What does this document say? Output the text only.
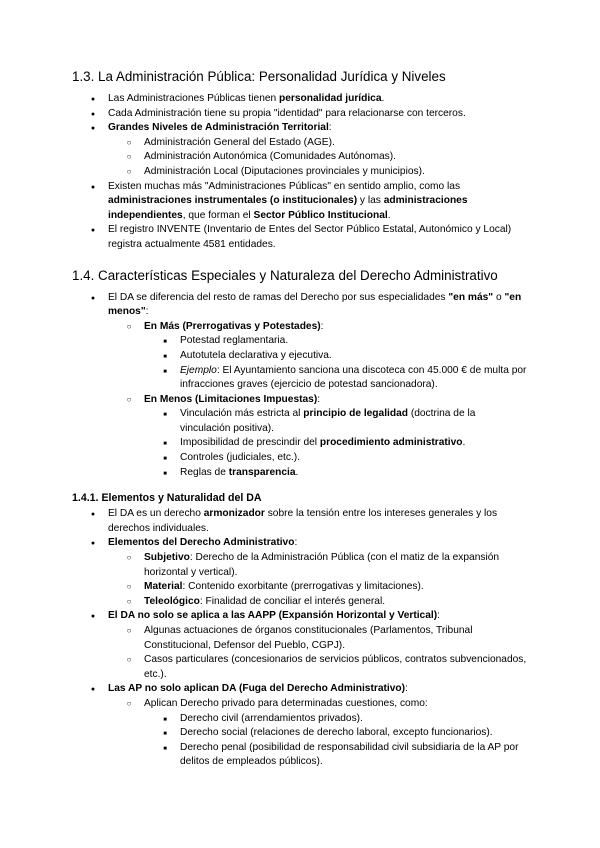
1.3. La Administración Pública: Personalidad Jurídica y Niveles
●
Las Administraciones Públicas tienen personalidad jurídica.
●
Cada Administración tiene su propia "identidad" para relacionarse con terceros.
●
Grandes Niveles de Administración Territorial:
○
Administración General del Estado (AGE).
○
Administración Autonómica (Comunidades Autónomas).
○
Administración Local (Diputaciones provinciales y municipios).
●
Existen muchas más "Administraciones Públicas" en sentido amplio, como las administraciones instrumentales (o institucionales) y las administraciones independientes, que forman el Sector Público Institucional.
●
El registro INVENTE (Inventario de Entes del Sector Público Estatal, Autonómico y Local) registra actualmente 4581 entidades.
1.4. Características Especiales y Naturaleza del Derecho Administrativo
●
El DA se diferencia del resto de ramas del Derecho por sus especialidades "en más" o "en menos":
○
En Más (Prerrogativas y Potestades):
■
Potestad reglamentaria.
■
Autotutela declarativa y ejecutiva.
■
Ejemplo: El Ayuntamiento sanciona una discoteca con 45.000 € de multa por infracciones graves (ejercicio de potestad sancionadora).
○
En Menos (Limitaciones Impuestas):
■
Vinculación más estricta al principio de legalidad (doctrina de la vinculación positiva).
■
Imposibilidad de prescindir del procedimiento administrativo.
■
Controles (judiciales, etc.).
■
Reglas de transparencia.
1.4.1. Elementos y Naturalidad del DA
●
El DA es un derecho armonizador sobre la tensión entre los intereses generales y los derechos individuales.
●
Elementos del Derecho Administrativo:
○
Subjetivo: Derecho de la Administración Pública (con el matiz de la expansión horizontal y vertical).
○
Material: Contenido exorbitante (prerrogativas y limitaciones).
○
Teleológico: Finalidad de conciliar el interés general.
●
El DA no solo se aplica a las AAPP (Expansión Horizontal y Vertical):
○
Algunas actuaciones de órganos constitucionales (Parlamentos, Tribunal Constitucional, Defensor del Pueblo, CGPJ).
○
Casos particulares (concesionarios de servicios públicos, contratos subvencionados, etc.).
●
Las AP no solo aplican DA (Fuga del Derecho Administrativo):
○
Aplican Derecho privado para determinadas cuestiones, como:
■
Derecho civil (arrendamientos privados).
■
Derecho social (relaciones de derecho laboral, excepto funcionarios).
■
Derecho penal (posibilidad de responsabilidad civil subsidiaria de la AP por delitos de empleados públicos).
